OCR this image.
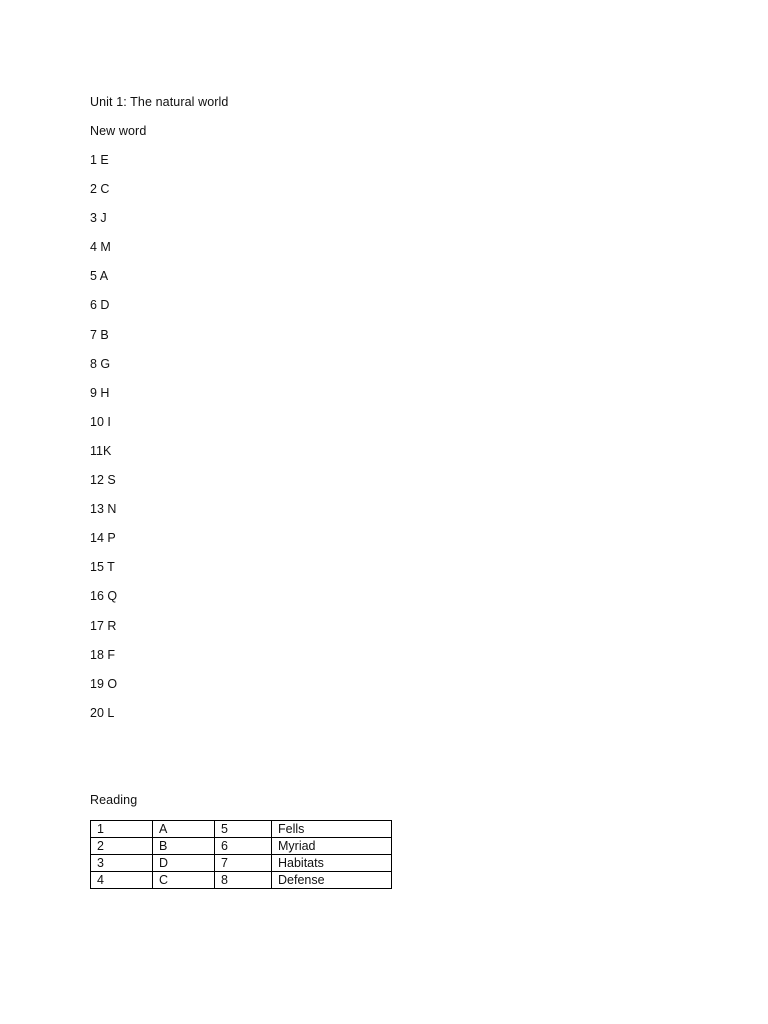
Unit 1: The natural world
New word
1 E
2 C
3 J
4 M
5 A
6 D
7 B
8 G
9 H
10 I
11K
12 S
13 N
14 P
15 T
16 Q
17 R
18 F
19 O
20 L
Reading
1	A	5	Fells
2	B	6	Myriad
3	D	7	Habitats
4	C	8	Defense
